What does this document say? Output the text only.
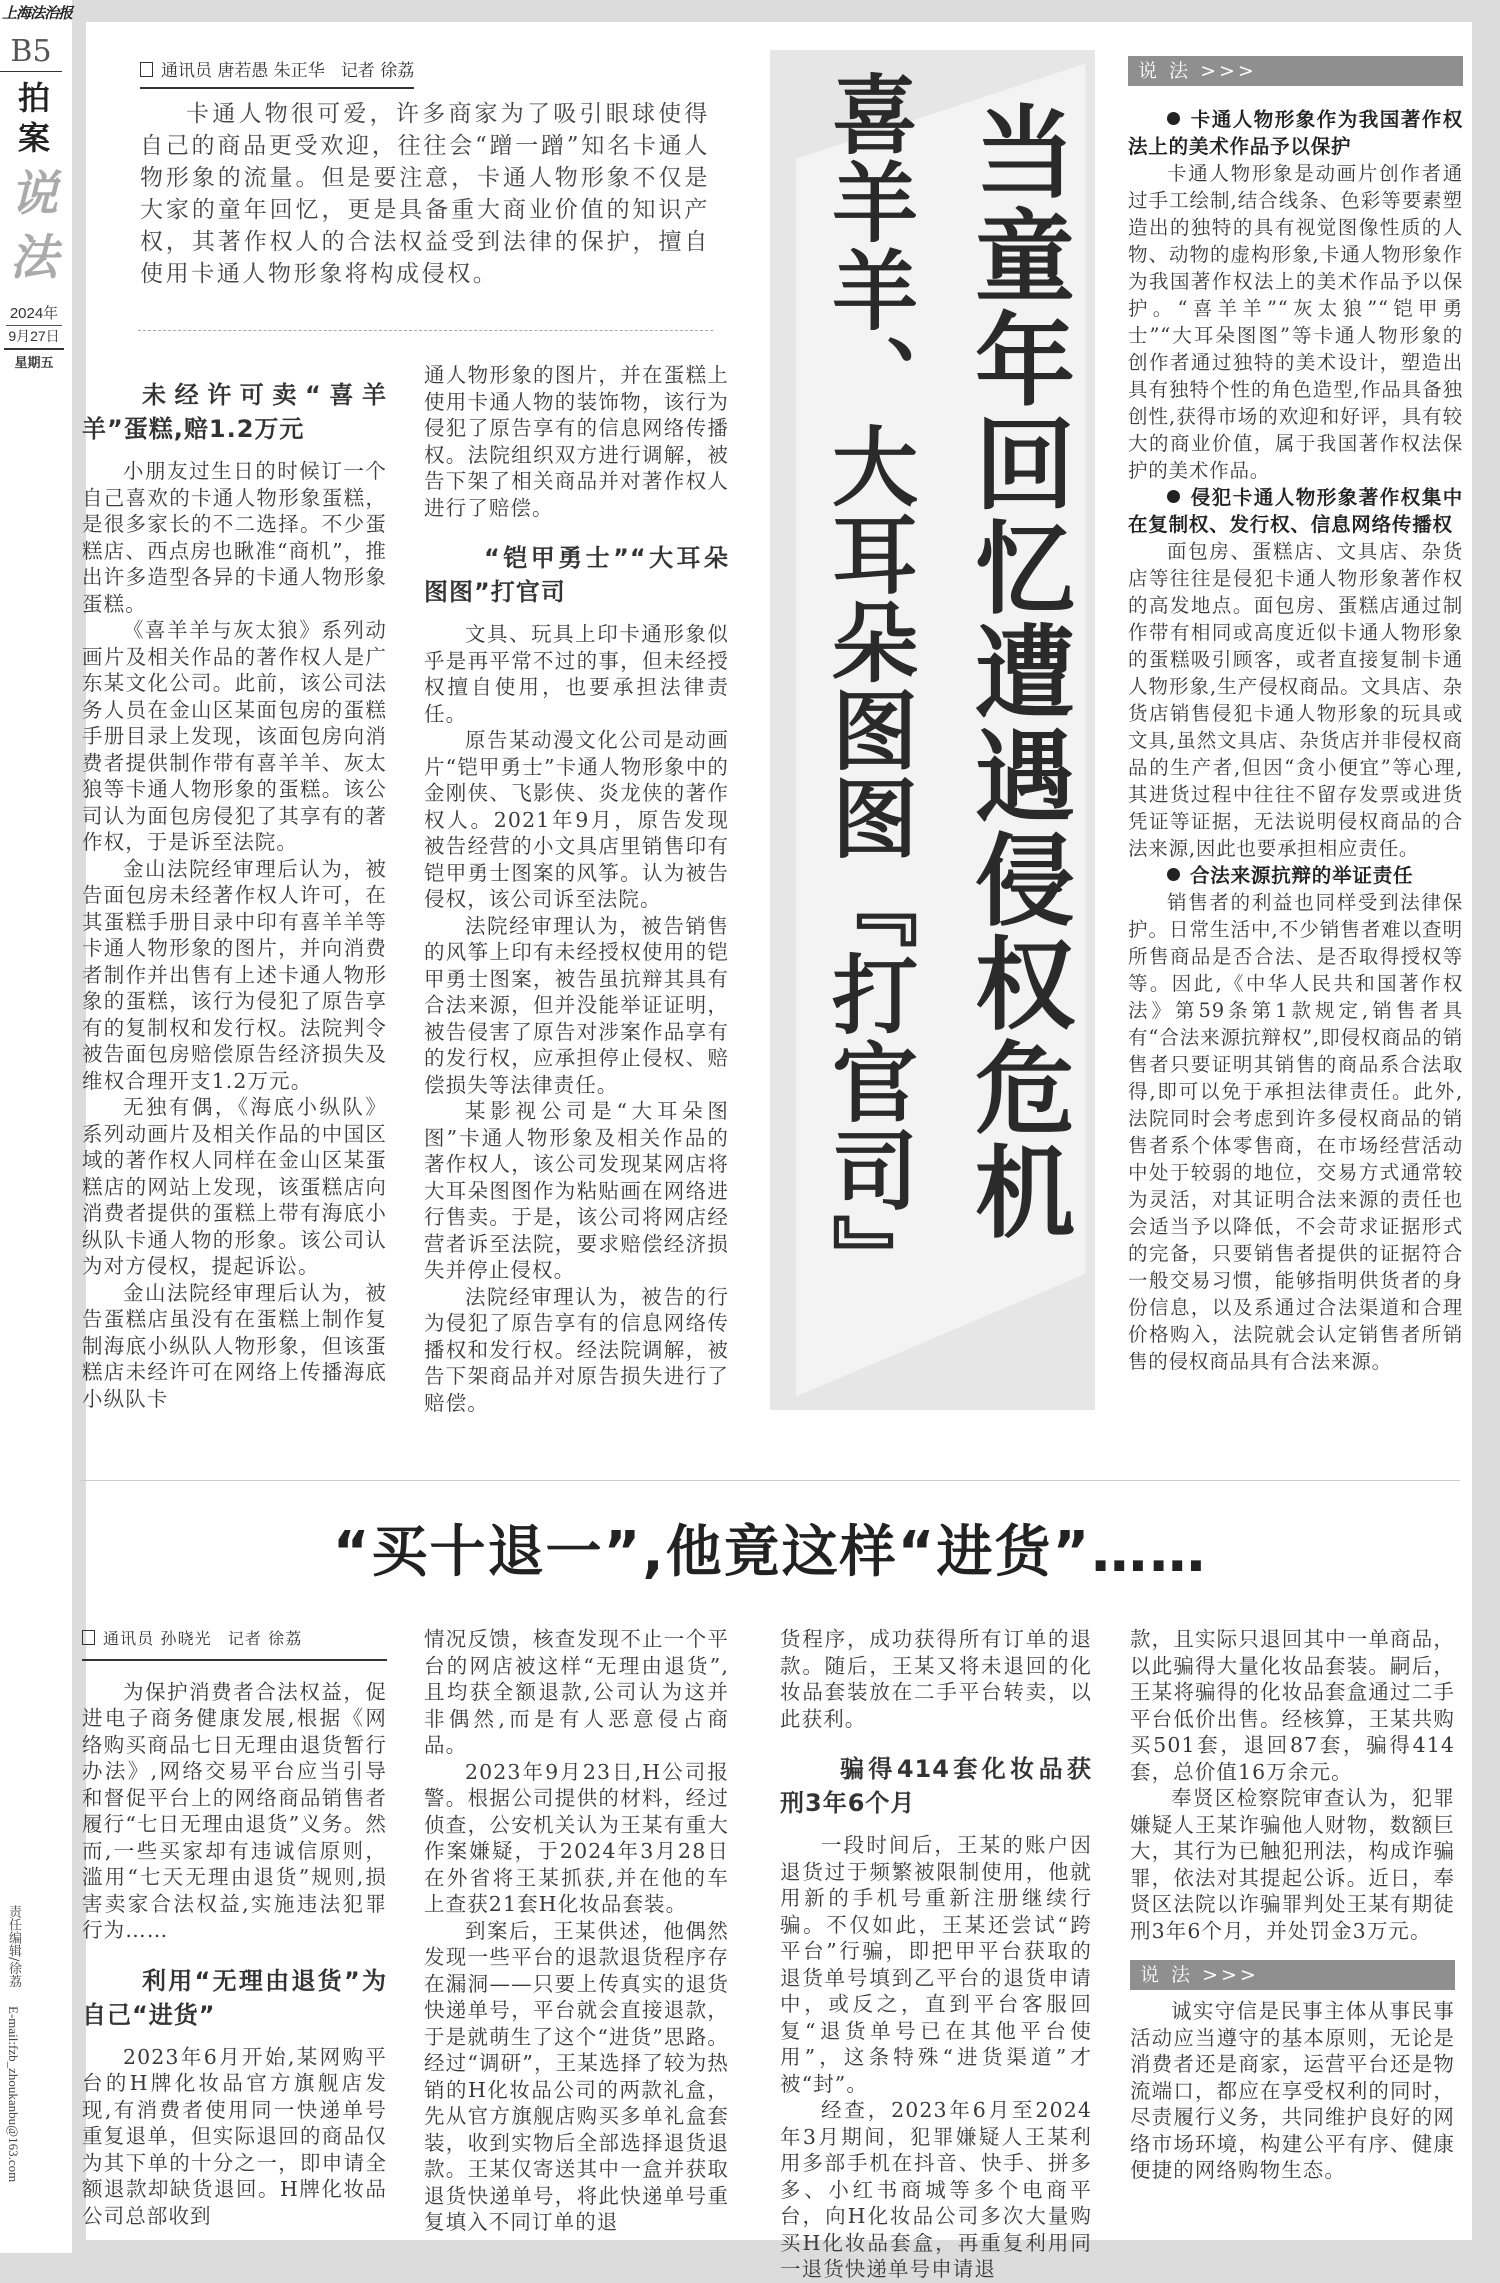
上海法治报
B5
拍案
说法
2024年
9月27日
星期五
责任编辑/徐荔 E-mail:fzb_zhoukanbu@163.com
通讯员 唐若愚 朱正华 记者 徐荔
卡通人物很可爱，许多商家为了吸引眼球使得自己的商品更受欢迎，往往会“蹭一蹭”知名卡通人物形象的流量。但是要注意，卡通人物形象不仅是大家的童年回忆，更是具备重大商业价值的知识产权，其著作权人的合法权益受到法律的保护，擅自使用卡通人物形象将构成侵权。
未经许可卖“喜羊羊”蛋糕,赔1.2万元

小朋友过生日的时候订一个自己喜欢的卡通人物形象蛋糕，是很多家长的不二选择。不少蛋糕店、西点房也瞅准“商机”，推出许多造型各异的卡通人物形象蛋糕。

《喜羊羊与灰太狼》系列动画片及相关作品的著作权人是广东某文化公司。此前，该公司法务人员在金山区某面包房的蛋糕手册目录上发现，该面包房向消费者提供制作带有喜羊羊、灰太狼等卡通人物形象的蛋糕。该公司认为面包房侵犯了其享有的著作权，于是诉至法院。

金山法院经审理后认为，被告面包房未经著作权人许可，在其蛋糕手册目录中印有喜羊羊等卡通人物形象的图片，并向消费者制作并出售有上述卡通人物形象的蛋糕，该行为侵犯了原告享有的复制权和发行权。法院判令被告面包房赔偿原告经济损失及维权合理开支1.2万元。

无独有偶，《海底小纵队》系列动画片及相关作品的中国区域的著作权人同样在金山区某蛋糕店的网站上发现，该蛋糕店向消费者提供的蛋糕上带有海底小纵队卡通人物的形象。该公司认为对方侵权，提起诉讼。

金山法院经审理后认为，被告蛋糕店虽没有在蛋糕上制作复制海底小纵队人物形象，但该蛋糕店未经许可在网络上传播海底小纵队卡

通人物形象的图片，并在蛋糕上使用卡通人物的装饰物，该行为侵犯了原告享有的信息网络传播权。法院组织双方进行调解，被告下架了相关商品并对著作权人进行了赔偿。

“铠甲勇士”“大耳朵图图”打官司

文具、玩具上印卡通形象似乎是再平常不过的事，但未经授权擅自使用，也要承担法律责任。

原告某动漫文化公司是动画片“铠甲勇士”卡通人物形象中的金刚侠、飞影侠、炎龙侠的著作权人。2021年9月，原告发现被告经营的小文具店里销售印有铠甲勇士图案的风筝。认为被告侵权，该公司诉至法院。

法院经审理认为，被告销售的风筝上印有未经授权使用的铠甲勇士图案，被告虽抗辩其具有合法来源，但并没能举证证明，被告侵害了原告对涉案作品享有的发行权，应承担停止侵权、赔偿损失等法律责任。

某影视公司是“大耳朵图图”卡通人物形象及相关作品的著作权人，该公司发现某网店将大耳朵图图作为粘贴画在网络进行售卖。于是，该公司将网店经营者诉至法院，要求赔偿经济损失并停止侵权。

法院经审理认为，被告的行为侵犯了原告享有的信息网络传播权和发行权。经法院调解，被告下架商品并对原告损失进行了赔偿。

当童年回忆遭遇侵权危机
喜羊羊、大耳朵图图『打官司』	说 法 >>>
卡通人物形象作为我国著作权法上的美术作品予以保护

卡通人物形象是动画片创作者通过手工绘制,结合线条、色彩等要素塑造出的独特的具有视觉图像性质的人物、动物的虚构形象,卡通人物形象作为我国著作权法上的美术作品予以保护。“喜羊羊”“灰太狼”“铠甲勇士”“大耳朵图图”等卡通人物形象的创作者通过独特的美术设计，塑造出具有独特个性的角色造型,作品具备独创性,获得市场的欢迎和好评，具有较大的商业价值，属于我国著作权法保护的美术作品。

侵犯卡通人物形象著作权集中在复制权、发行权、信息网络传播权

面包房、蛋糕店、文具店、杂货店等往往是侵犯卡通人物形象著作权的高发地点。面包房、蛋糕店通过制作带有相同或高度近似卡通人物形象的蛋糕吸引顾客，或者直接复制卡通人物形象,生产侵权商品。文具店、杂货店销售侵犯卡通人物形象的玩具或文具,虽然文具店、杂货店并非侵权商品的生产者,但因“贪小便宜”等心理,其进货过程中往往不留存发票或进货凭证等证据，无法说明侵权商品的合法来源,因此也要承担相应责任。

合法来源抗辩的举证责任

销售者的利益也同样受到法律保护。日常生活中,不少销售者难以查明所售商品是否合法、是否取得授权等等。因此,《中华人民共和国著作权法》第59条第1款规定,销售者具有“合法来源抗辩权”,即侵权商品的销售者只要证明其销售的商品系合法取得,即可以免于承担法律责任。此外,法院同时会考虑到许多侵权商品的销售者系个体零售商，在市场经营活动中处于较弱的地位，交易方式通常较为灵活，对其证明合法来源的责任也会适当予以降低，不会苛求证据形式的完备，只要销售者提供的证据符合一般交易习惯，能够指明供货者的身份信息，以及系通过合法渠道和合理价格购入，法院就会认定销售者所销售的侵权商品具有合法来源。

“买十退一”,他竟这样“进货”……
通讯员 孙晓光 记者 徐荔

为保护消费者合法权益，促进电子商务健康发展,根据《网络购买商品七日无理由退货暂行办法》,网络交易平台应当引导和督促平台上的网络商品销售者履行“七日无理由退货”义务。然而,一些买家却有违诚信原则，滥用“七天无理由退货”规则,损害卖家合法权益,实施违法犯罪行为……

利用“无理由退货”为自己“进货”

2023年6月开始,某网购平台的H牌化妆品官方旗舰店发现,有消费者使用同一快递单号重复退单，但实际退回的商品仅为其下单的十分之一，即申请全额退款却缺货退回。H牌化妆品公司总部收到

情况反馈，核查发现不止一个平台的网店被这样“无理由退货”,且均获全额退款,公司认为这并非偶然,而是有人恶意侵占商品。

2023年9月23日,H公司报警。根据公司提供的材料，经过侦查，公安机关认为王某有重大作案嫌疑，于2024年3月28日在外省将王某抓获,并在他的车上查获21套H化妆品套装。

到案后，王某供述，他偶然发现一些平台的退款退货程序存在漏洞——只要上传真实的退货快递单号，平台就会直接退款，于是就萌生了这个“进货”思路。经过“调研”，王某选择了较为热销的H化妆品公司的两款礼盒，先从官方旗舰店购买多单礼盒套装，收到实物后全部选择退货退款。王某仅寄送其中一盒并获取退货快递单号，将此快递单号重复填入不同订单的退

货程序，成功获得所有订单的退款。随后，王某又将未退回的化妆品套装放在二手平台转卖，以此获利。

骗得414套化妆品获刑3年6个月

一段时间后，王某的账户因退货过于频繁被限制使用，他就用新的手机号重新注册继续行骗。不仅如此，王某还尝试“跨平台”行骗，即把甲平台获取的退货单号填到乙平台的退货申请中，或反之，直到平台客服回复“退货单号已在其他平台使用”，这条特殊“进货渠道”才被“封”。

经查，2023年6月至2024年3月期间，犯罪嫌疑人王某利用多部手机在抖音、快手、拼多多、小红书商城等多个电商平台，向H化妆品公司多次大量购买H化妆品套盒，再重复利用同一退货快递单号申请退

款，且实际只退回其中一单商品，以此骗得大量化妆品套装。嗣后，王某将骗得的化妆品套盒通过二手平台低价出售。经核算，王某共购买501套，退回87套，骗得414套，总价值16万余元。

奉贤区检察院审查认为，犯罪嫌疑人王某诈骗他人财物，数额巨大，其行为已触犯刑法，构成诈骗罪，依法对其提起公诉。近日，奉贤区法院以诈骗罪判处王某有期徒刑3年6个月，并处罚金3万元。

说 法 >>>

诚实守信是民事主体从事民事活动应当遵守的基本原则，无论是消费者还是商家，运营平台还是物流端口，都应在享受权利的同时，尽责履行义务，共同维护良好的网络市场环境，构建公平有序、健康便捷的网络购物生态。
